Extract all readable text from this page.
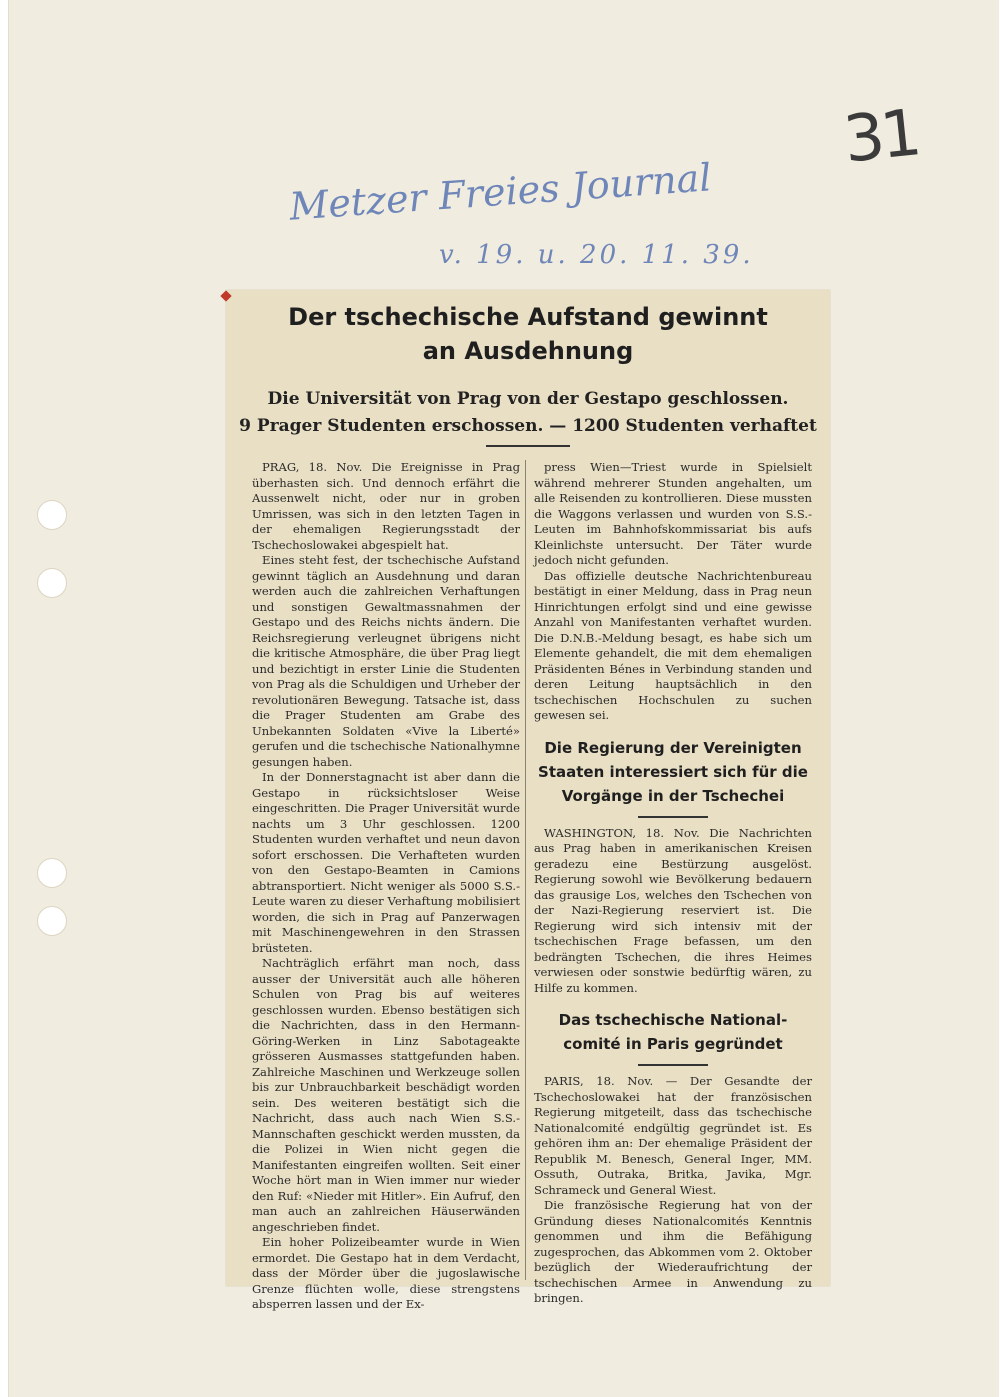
Metzer Freies Journal
v. 19. u. 20. 11. 39.
31
Der tschechische Aufstand gewinnt
an Ausdehnung
Die Universität von Prag von der Gestapo geschlossen.
9 Prager Studenten erschossen. — 1200 Studenten verhaftet

PRAG, 18. Nov. Die Ereignisse in Prag überhasten sich. Und dennoch erfährt die Aussenwelt nicht, oder nur in groben Umrissen, was sich in den letzten Tagen in der ehemaligen Regierungsstadt der Tschechoslowakei abgespielt hat.

Eines steht fest, der tschechische Aufstand gewinnt täglich an Ausdehnung und daran werden auch die zahlreichen Verhaftungen und sonstigen Gewaltmassnahmen der Gestapo und des Reichs nichts ändern. Die Reichsregierung verleugnet übrigens nicht die kritische Atmosphäre, die über Prag liegt und bezichtigt in erster Linie die Studenten von Prag als die Schuldigen und Urheber der revolutionären Bewegung. Tatsache ist, dass die Prager Studenten am Grabe des Unbekannten Soldaten «Vive la Liberté» gerufen und die tschechische Nationalhymne gesungen haben.

In der Donnerstagnacht ist aber dann die Gestapo in rücksichtsloser Weise eingeschritten. Die Prager Universität wurde nachts um 3 Uhr geschlossen. 1200 Studenten wurden verhaftet und neun davon sofort erschossen. Die Verhafteten wurden von den Gestapo-Beamten in Camions abtransportiert. Nicht weniger als 5000 S.S.-Leute waren zu dieser Verhaftung mobilisiert worden, die sich in Prag auf Panzerwagen mit Maschinengewehren in den Strassen brüsteten.

Nachträglich erfährt man noch, dass ausser der Universität auch alle höheren Schulen von Prag bis auf weiteres geschlossen wurden. Ebenso bestätigen sich die Nachrichten, dass in den Hermann-Göring-Werken in Linz Sabotageakte grösseren Ausmasses stattgefunden haben. Zahlreiche Maschinen und Werkzeuge sollen bis zur Unbrauchbarkeit beschädigt worden sein. Des weiteren bestätigt sich die Nachricht, dass auch nach Wien S.S.-Mannschaften geschickt werden mussten, da die Polizei in Wien nicht gegen die Manifestanten eingreifen wollten. Seit einer Woche hört man in Wien immer nur wieder den Ruf: «Nieder mit Hitler». Ein Aufruf, den man auch an zahlreichen Häuserwänden angeschrieben findet.

Ein hoher Polizeibeamter wurde in Wien ermordet. Die Gestapo hat in dem Verdacht, dass der Mörder über die jugoslawische Grenze flüchten wolle, diese strengstens absperren lassen und der Ex-

press Wien—Triest wurde in Spielsielt während mehrerer Stunden angehalten, um alle Reisenden zu kontrollieren. Diese mussten die Waggons verlassen und wurden von S.S.-Leuten im Bahnhofskommissariat bis aufs Kleinlichste untersucht. Der Täter wurde jedoch nicht gefunden.

Das offizielle deutsche Nachrichtenbureau bestätigt in einer Meldung, dass in Prag neun Hinrichtungen erfolgt sind und eine gewisse Anzahl von Manifestanten verhaftet wurden. Die D.N.B.-Meldung besagt, es habe sich um Elemente gehandelt, die mit dem ehemaligen Präsidenten Bénes in Verbindung standen und deren Leitung hauptsächlich in den tschechischen Hochschulen zu suchen gewesen sei.

Die Regierung der Vereinigten
Staaten interessiert sich für die
Vorgänge in der Tschechei

WASHINGTON, 18. Nov. Die Nachrichten aus Prag haben in amerikanischen Kreisen geradezu eine Bestürzung ausgelöst. Regierung sowohl wie Bevölkerung bedauern das grausige Los, welches den Tschechen von der Nazi-Regierung reserviert ist. Die Regierung wird sich intensiv mit der tschechischen Frage befassen, um den bedrängten Tschechen, die ihres Heimes verwiesen oder sonstwie bedürftig wären, zu Hilfe zu kommen.

Das tschechische National-
comité in Paris gegründet

PARIS, 18. Nov. — Der Gesandte der Tschechoslowakei hat der französischen Regierung mitgeteilt, dass das tschechische Nationalcomité endgültig gegründet ist. Es gehören ihm an: Der ehemalige Präsident der Republik M. Benesch, General Inger, MM. Ossuth, Outraka, Britka, Javika, Mgr. Schrameck und General Wiest.

Die französische Regierung hat von der Gründung dieses Nationalcomités Kenntnis genommen und ihm die Befähigung zugesprochen, das Abkommen vom 2. Oktober bezüglich der Wiederaufrichtung der tschechischen Armee in Anwendung zu bringen.
